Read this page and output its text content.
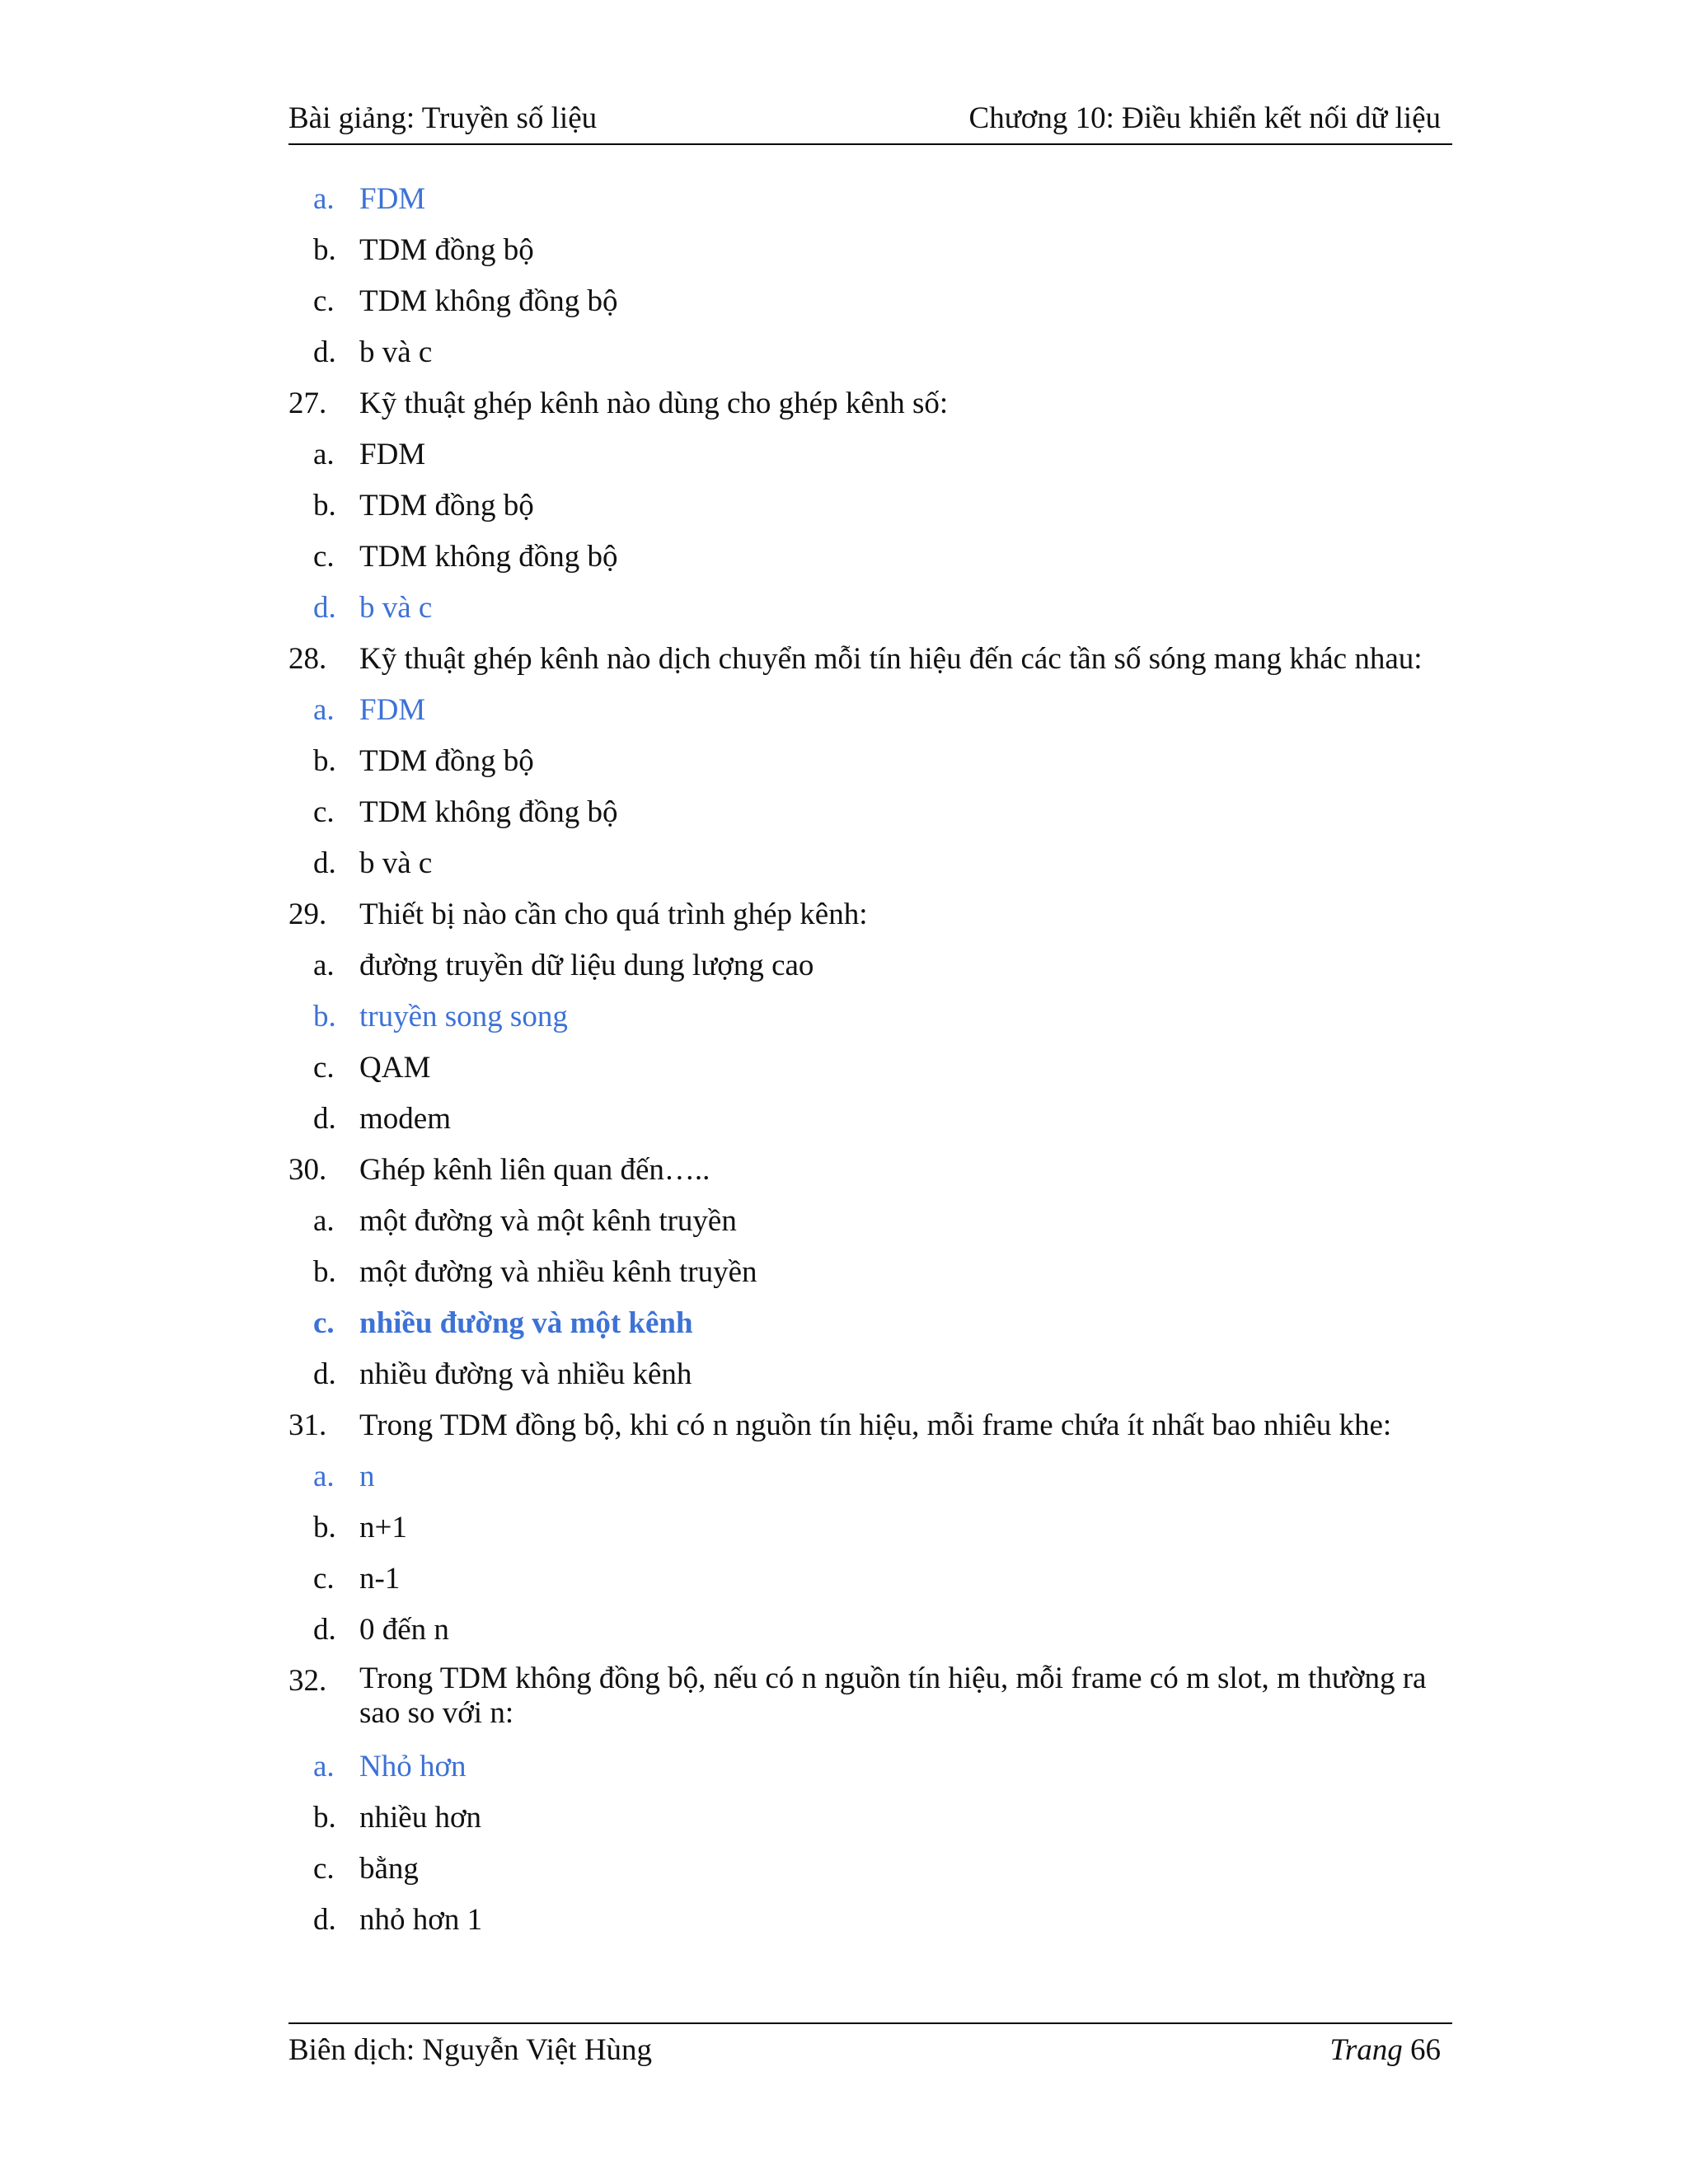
Bài giảng: Truyền số liệu	Chương 10: Điều khiển kết nối dữ liệu
a. FDM
b. TDM đồng bộ
c. TDM không đồng bộ
d. b và c
27. Kỹ thuật ghép kênh nào dùng cho ghép kênh số:
a. FDM
b. TDM đồng bộ
c. TDM không đồng bộ
d. b và c
28. Kỹ thuật ghép kênh nào dịch chuyển mỗi tín hiệu đến các tần số sóng mang khác nhau:
a. FDM
b. TDM đồng bộ
c. TDM không đồng bộ
d. b và c
29. Thiết bị nào cần cho quá trình ghép kênh:
a. đường truyền dữ liệu dung lượng cao
b. truyền song song
c. QAM
d. modem
30. Ghép kênh liên quan đến…..
a. một đường và một kênh truyền
b. một đường và nhiều kênh truyền
c. nhiều đường và một kênh
d. nhiều đường và nhiều kênh
31. Trong TDM đồng bộ, khi có n nguồn tín hiệu, mỗi frame chứa ít nhất bao nhiêu khe:
a. n
b. n+1
c. n-1
d. 0 đến n
32. Trong TDM không đồng bộ, nếu có n nguồn tín hiệu, mỗi frame có m slot, m thường ra sao so với n:
a. Nhỏ hơn
b. nhiều hơn
c. bằng
d. nhỏ hơn 1
Biên dịch: Nguyễn Việt Hùng	Trang 66
